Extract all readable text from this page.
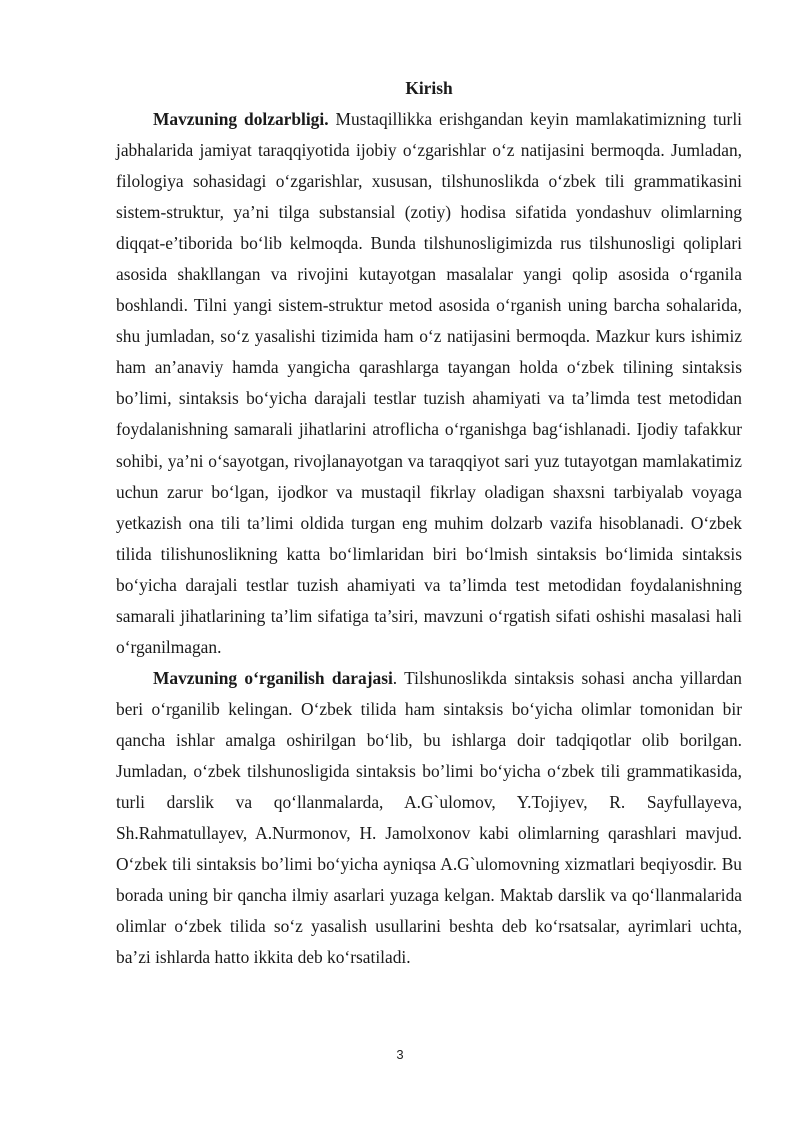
Kirish

Mavzuning dolzarbligi. Mustaqillikka erishgandan keyin mamlakatimizning turli jabhalarida jamiyat taraqqiyotida ijobiy o‘zgarishlar o‘z natijasini bermoqda. Jumladan, filologiya sohasidagi o‘zgarishlar, xususan, tilshunoslikda o‘zbek tili grammatikasini sistem-struktur, ya’ni tilga substansial (zotiy) hodisa sifatida yondashuv olimlarning diqqat-e’tiborida bo‘lib kelmoqda. Bunda tilshunosligimizda rus tilshunosligi qoliplari asosida shakllangan va rivojini kutayotgan masalalar yangi qolip asosida o‘rganila boshlandi. Tilni yangi sistem-struktur metod asosida o‘rganish uning barcha sohalarida, shu jumladan, so‘z yasalishi tizimida ham o‘z natijasini bermoqda. Mazkur kurs ishimiz ham an’anaviy hamda yangicha qarashlarga tayangan holda o‘zbek tilining sintaksis bo’limi, sintaksis bo‘yicha darajali testlar tuzish ahamiyati va ta’limda test metodidan foydalanishning samarali jihatlarini atroflicha o‘rganishga bag‘ishlanadi. Ijodiy tafakkur sohibi, ya’ni o‘sayotgan, rivojlanayotgan va taraqqiyot sari yuz tutayotgan mamlakatimiz uchun zarur bo‘lgan, ijodkor va mustaqil fikrlay oladigan shaxsni tarbiyalab voyaga yetkazish ona tili ta’limi oldida turgan eng muhim dolzarb vazifa hisoblanadi. O‘zbek tilida tilishunoslikning katta bo‘limlaridan biri bo‘lmish sintaksis bo‘limida sintaksis bo‘yicha darajali testlar tuzish ahamiyati va ta’limda test metodidan foydalanishning samarali jihatlarining ta’lim sifatiga ta’siri, mavzuni o‘rgatish sifati oshishi masalasi hali o‘rganilmagan.

Mavzuning o‘rganilish darajasi. Tilshunoslikda sintaksis sohasi ancha yillardan beri o‘rganilib kelingan. O‘zbek tilida ham sintaksis bo‘yicha olimlar tomonidan bir qancha ishlar amalga oshirilgan bo‘lib, bu ishlarga doir tadqiqotlar olib borilgan. Jumladan, o‘zbek tilshunosligida sintaksis bo’limi bo‘yicha o‘zbek tili grammatikasida, turli darslik va qo‘llanmalarda, A.G`ulomov, Y.Tojiyev, R. Sayfullayeva, Sh.Rahmatullayev, A.Nurmonov, H. Jamolxonov kabi olimlarning qarashlari mavjud. O‘zbek tili sintaksis bo’limi bo‘yicha ayniqsa A.G`ulomovning xizmatlari beqiyosdir. Bu borada uning bir qancha ilmiy asarlari yuzaga kelgan. Maktab darslik va qo‘llanmalarida olimlar o‘zbek tilida so‘z yasalish usullarini beshta deb ko‘rsatsalar, ayrimlari uchta, ba’zi ishlarda hatto ikkita deb ko‘rsatiladi.

3
